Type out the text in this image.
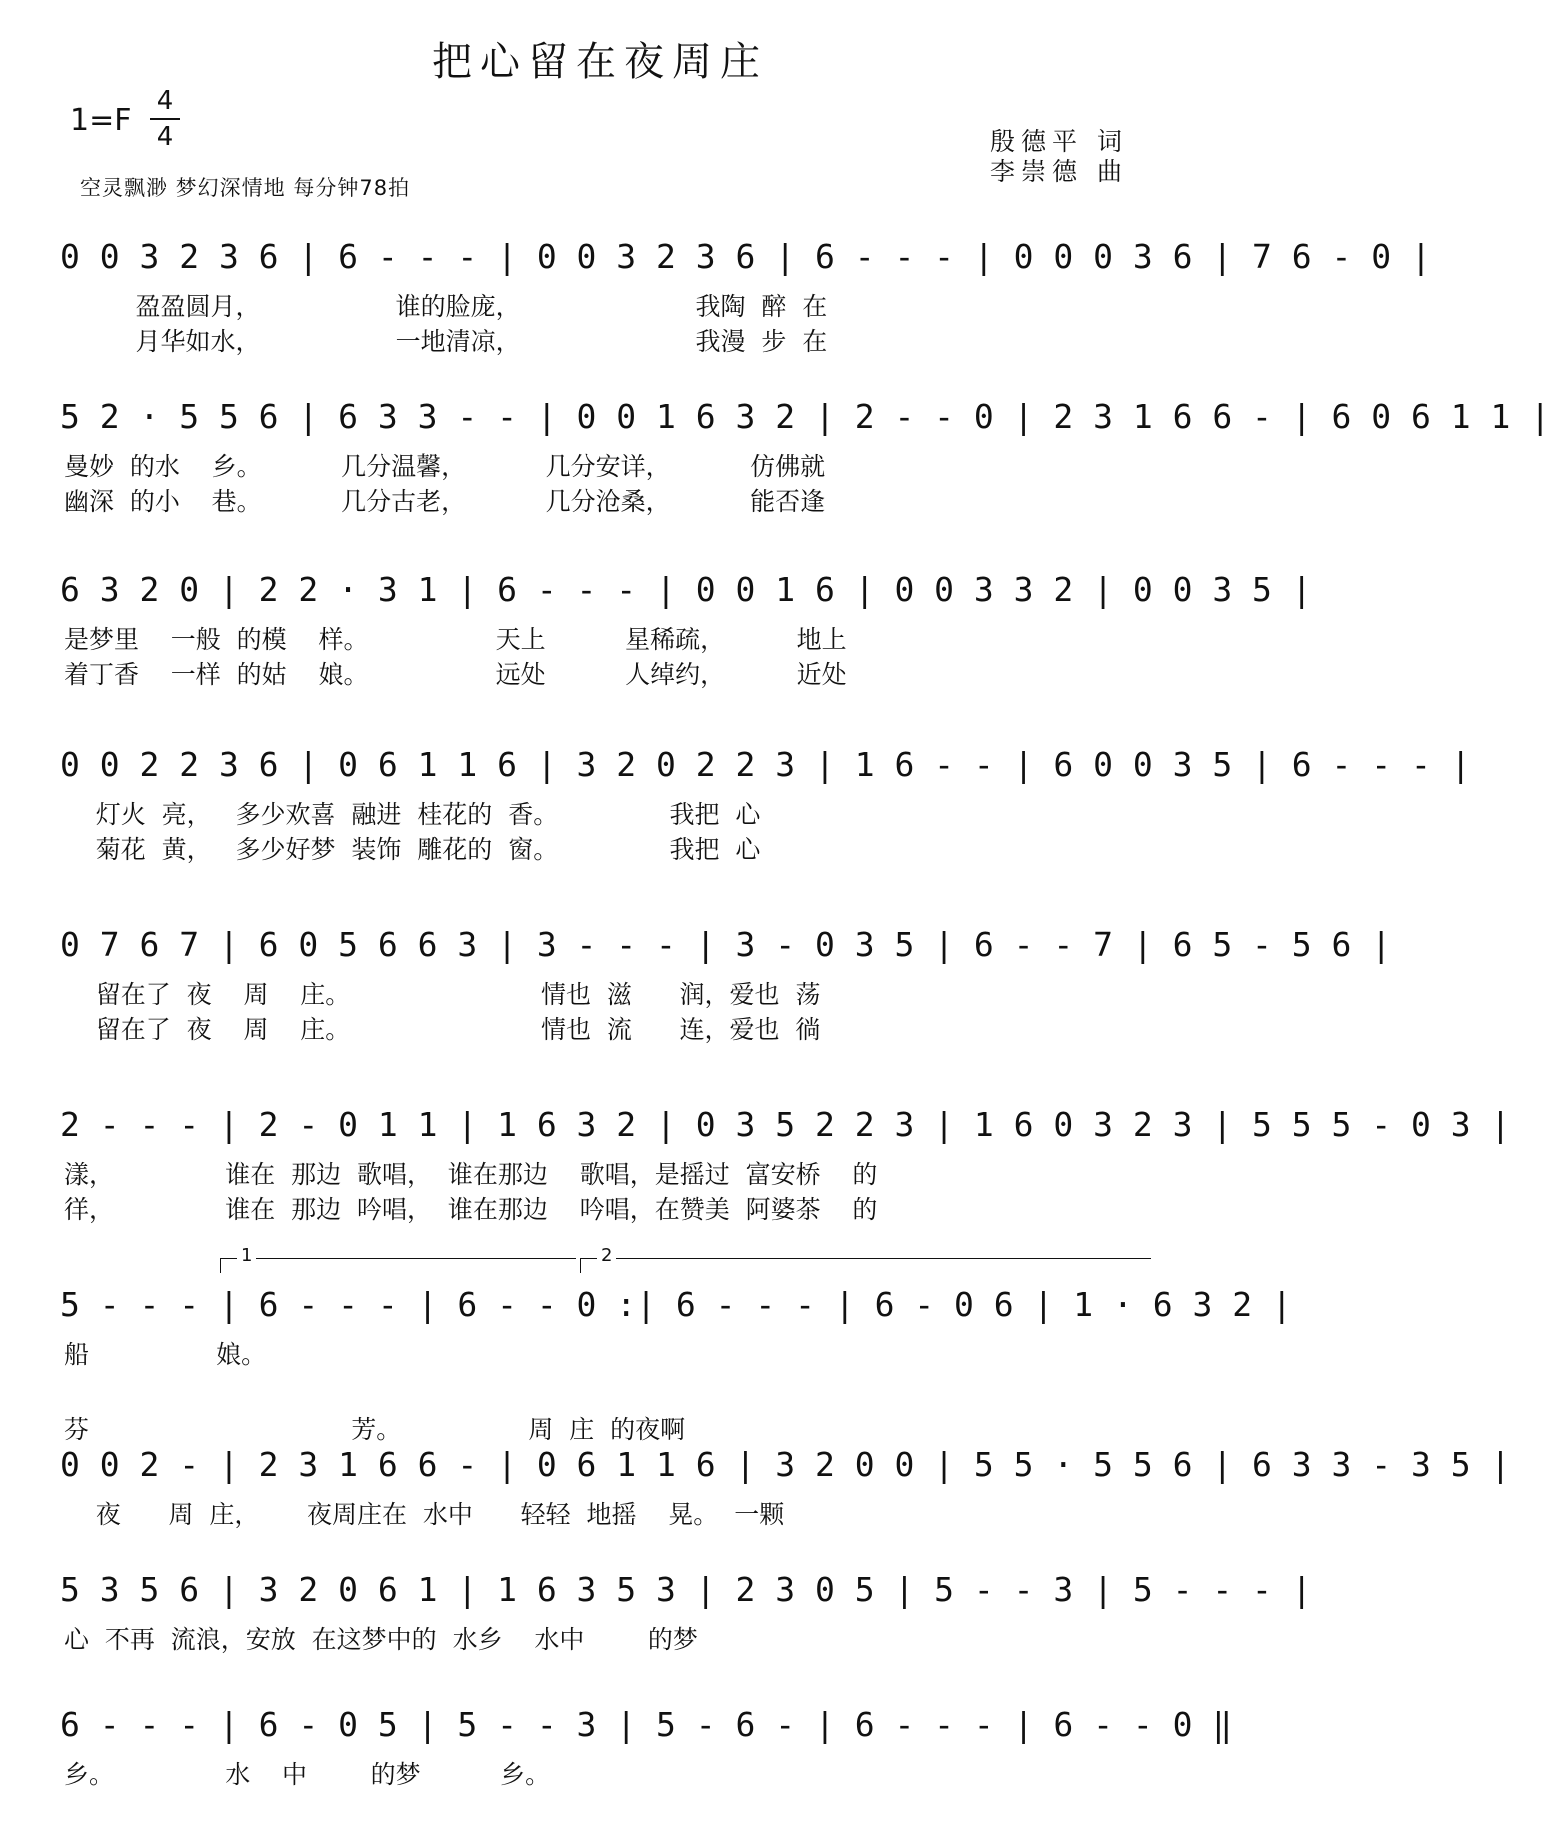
把心留在夜周庄
1=F
4
4
空灵飘渺 梦幻深情地 每分钟78拍
殷德平 词
李崇德 曲
0 0 3 2 3 6 | 6 - - - | 0 0 3 2 3 6 | 6 - - - | 0 0 0 3 6 | 7 6 - 0 |
盈盈圆月，                 谁的脸庞，                      我陶  醉  在
月华如水，                 一地清凉，                      我漫  步  在
5 2 · 5 5 6 | 6 3 3 - - | 0 0 1 6 3 2 | 2 - - 0 | 2 3 1 6 6 - | 6 0 6 1 1 |
曼妙  的水    乡。          几分温馨，          几分安详，          仿佛就
幽深  的小    巷。          几分古老，          几分沧桑，          能否逢
6 3 2 0 | 2 2 · 3 1 | 6 - - - | 0 0 1 6 | 0 0 3 3 2 | 0 0 3 5 |
是梦里    一般  的模    样。                天上          星稀疏，         地上
着丁香    一样  的姑    娘。                远处          人绰约，         近处
0 0 2 2 3 6 | 0 6 1 1 6 | 3 2 0 2 2 3 | 1 6 - - | 6 0 0 3 5 | 6 - - - |
灯火  亮，   多少欢喜  融进  桂花的  香。              我把  心
菊花  黄，   多少好梦  装饰  雕花的  窗。              我把  心
0 7 6 7 | 6 0 5 6 6 3 | 3 - - - | 3 - 0 3 5 | 6 - - 7 | 6 5 - 5 6 |
留在了  夜    周    庄。                        情也  滋      润，爱也  荡
留在了  夜    周    庄。                        情也  流      连，爱也  徜
2 - - - | 2 - 0 1 1 | 1 6 3 2 | 0 3 5 2 2 3 | 1 6 0 3 2 3 | 5 5 5 - 0 3 |
漾，              谁在  那边  歌唱，  谁在那边    歌唱，是摇过  富安桥    的
徉，              谁在  那边  吟唱，  谁在那边    吟唱，在赞美  阿婆茶    的
1	2
5 - - - | 6 - - - | 6 - - 0 :| 6 - - - | 6 - 0 6 | 1 · 6 3 2 |
船                娘。
芬                                 芳。                周  庄  的夜啊
0 0 2 - | 2 3 1 6 6 - | 0 6 1 1 6 | 3 2 0 0 | 5 5 · 5 5 6 | 6 3 3 - 3 5 |
夜      周  庄，      夜周庄在  水中      轻轻  地摇    晃。  一颗
5 3 5 6 | 3 2 0 6 1 | 1 6 3 5 3 | 2 3 0 5 | 5 - - 3 | 5 - - - |
心  不再  流浪，安放  在这梦中的  水乡    水中        的梦
6 - - - | 6 - 0 5 | 5 - - 3 | 5 - 6 - | 6 - - - | 6 - - 0 ‖
乡。              水    中        的梦          乡。
